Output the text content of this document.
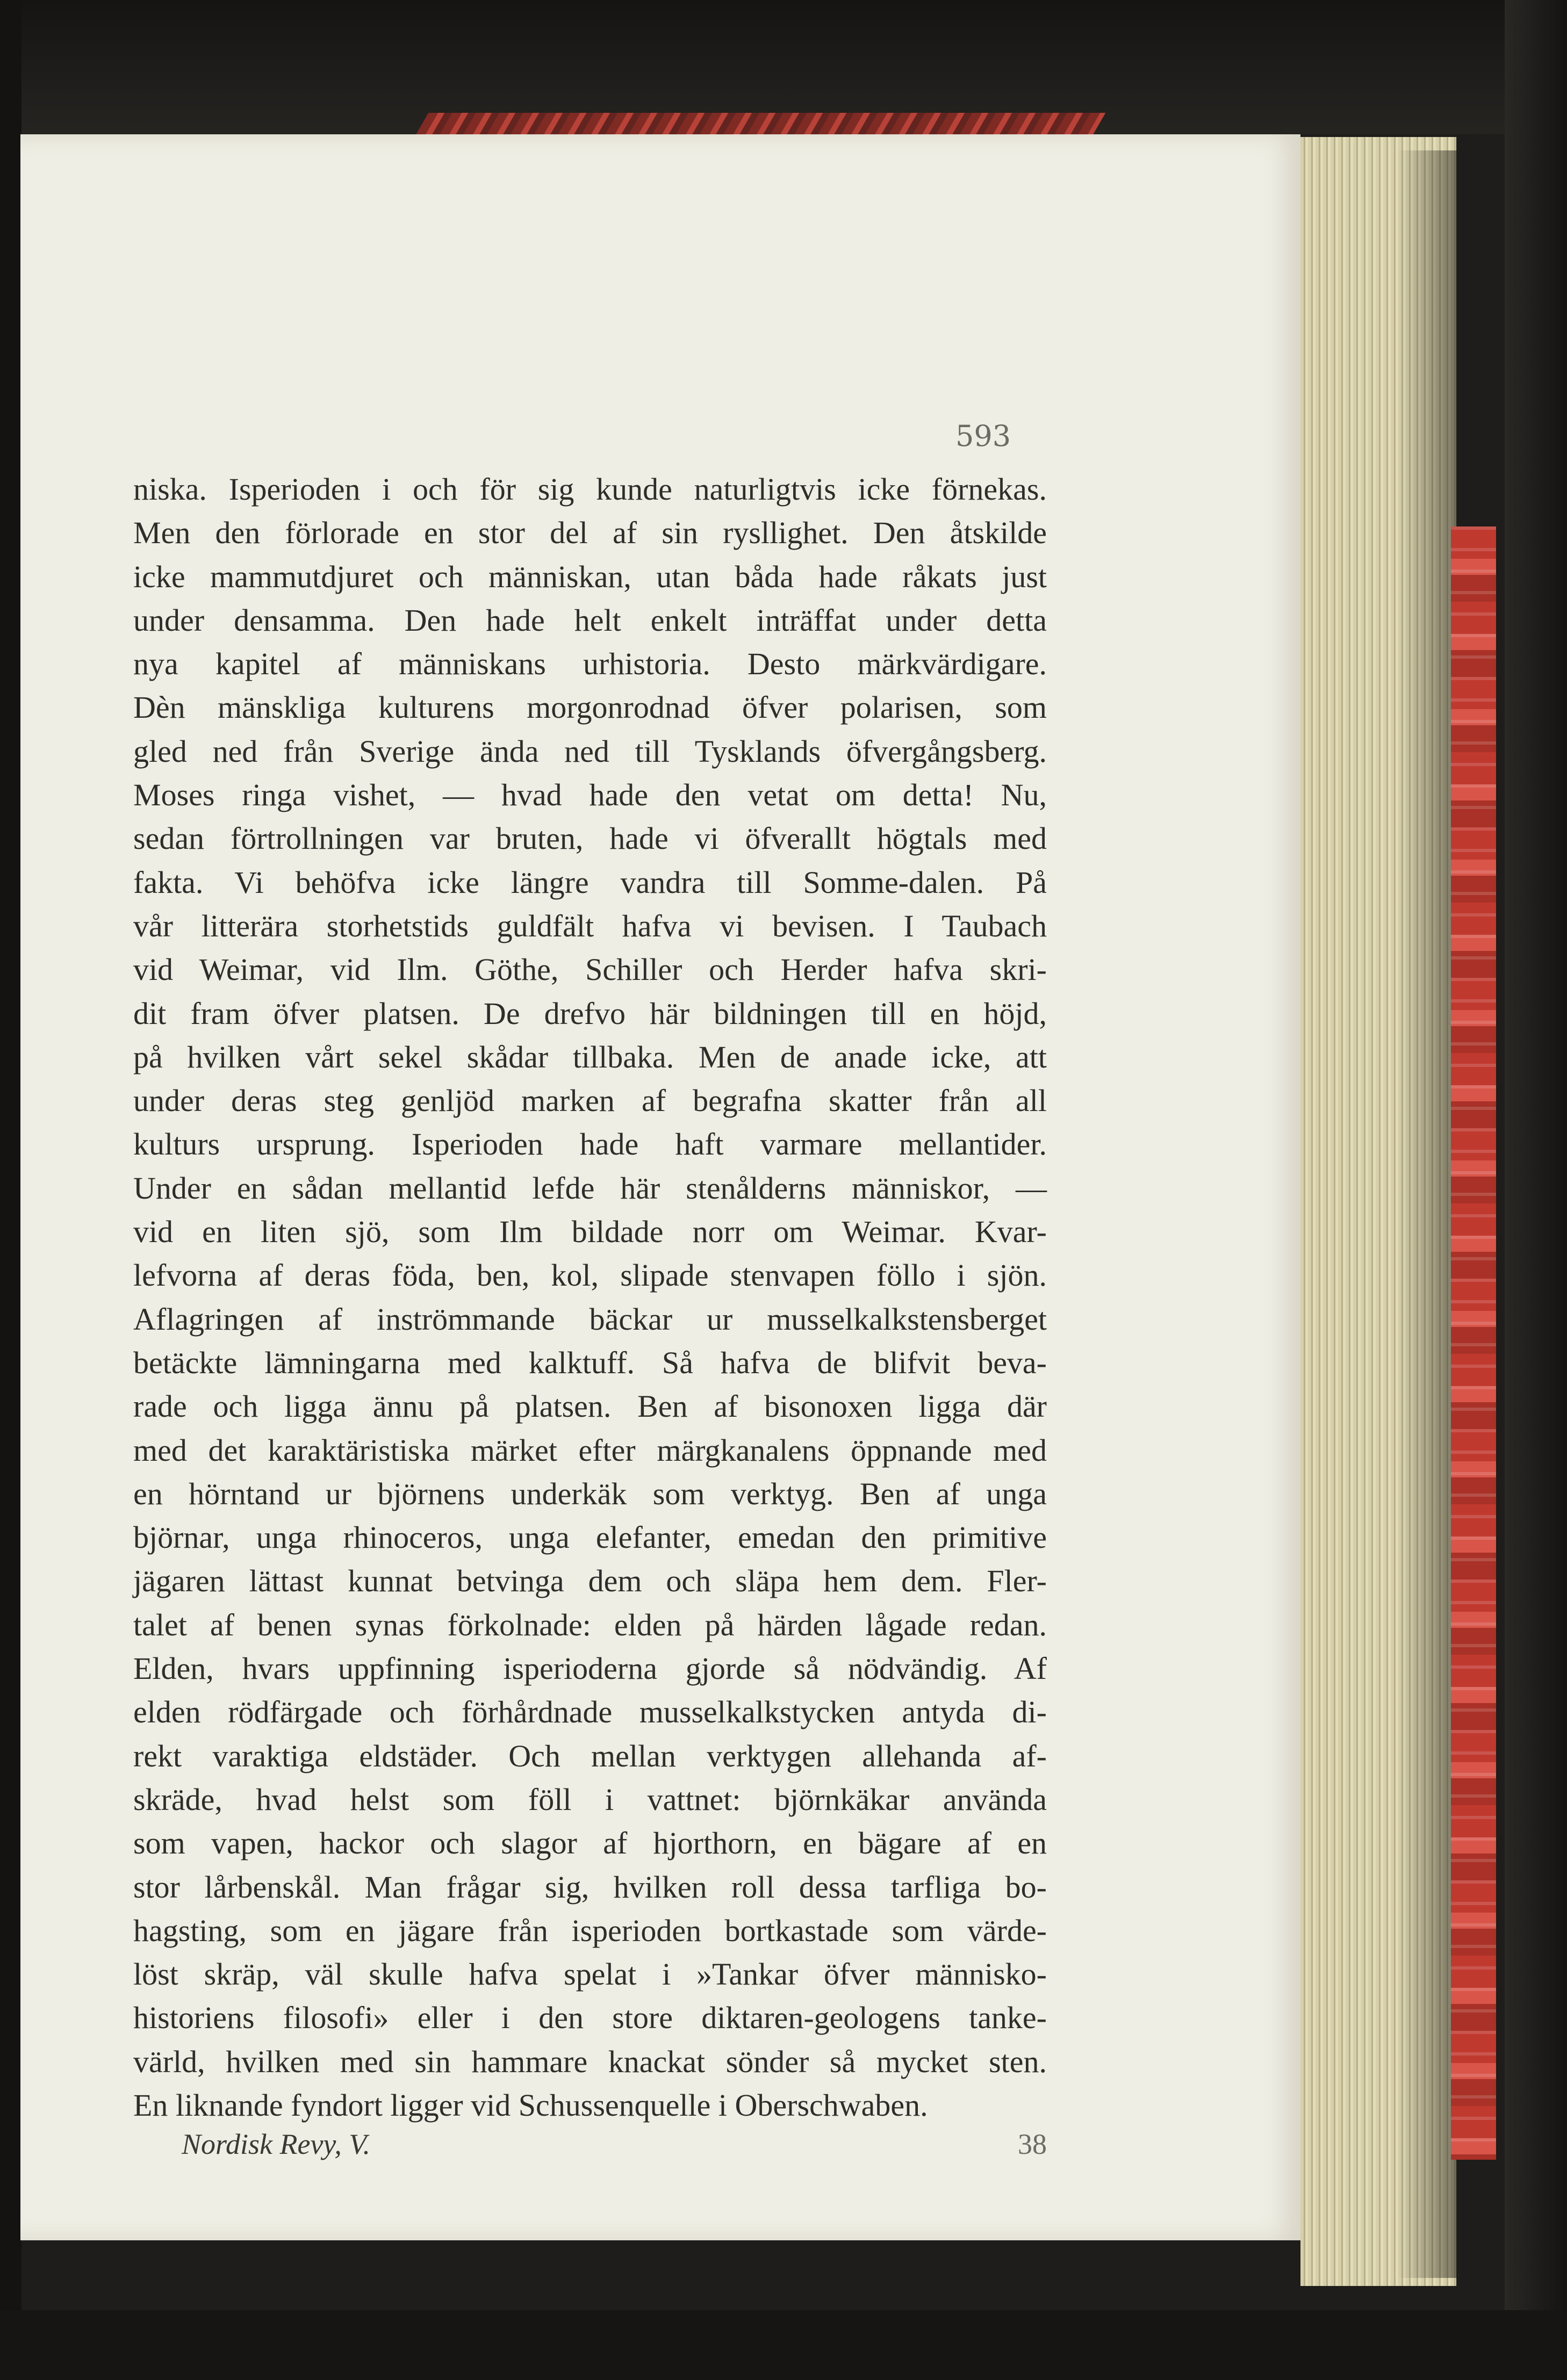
593

niska. Isperioden i och för sig kunde naturligtvis icke förnekas.
Men den förlorade en stor del af sin rysllighet. Den åtskilde
icke mammutdjuret och människan, utan båda hade råkats just
under densamma. Den hade helt enkelt inträffat under detta
nya kapitel af människans urhistoria. Desto märkvärdigare.
Dèn mänskliga kulturens morgonrodnad öfver polarisen, som
gled ned från Sverige ända ned till Tysklands öfvergångsberg.
Moses ringa vishet, — hvad hade den vetat om detta! Nu,
sedan förtrollningen var bruten, hade vi öfverallt högtals med
fakta. Vi behöfva icke längre vandra till Somme-dalen. På
vår litterära storhetstids guldfält hafva vi bevisen. I Taubach
vid Weimar, vid Ilm. Göthe, Schiller och Herder hafva skri-
dit fram öfver platsen. De drefvo här bildningen till en höjd,
på hvilken vårt sekel skådar tillbaka. Men de anade icke, att
under deras steg genljöd marken af begrafna skatter från all
kulturs ursprung. Isperioden hade haft varmare mellantider.
Under en sådan mellantid lefde här stenålderns människor, —
vid en liten sjö, som Ilm bildade norr om Weimar. Kvar-
lefvorna af deras föda, ben, kol, slipade stenvapen föllo i sjön.
Aflagringen af inströmmande bäckar ur musselkalkstensberget
betäckte lämningarna med kalktuff. Så hafva de blifvit beva-
rade och ligga ännu på platsen. Ben af bisonoxen ligga där
med det karaktäristiska märket efter märgkanalens öppnande med
en hörntand ur björnens underkäk som verktyg. Ben af unga
björnar, unga rhinoceros, unga elefanter, emedan den primitive
jägaren lättast kunnat betvinga dem och släpa hem dem. Fler-
talet af benen synas förkolnade: elden på härden lågade redan.
Elden, hvars uppfinning isperioderna gjorde så nödvändig. Af
elden rödfärgade och förhårdnade musselkalkstycken antyda di-
rekt varaktiga eldstäder. Och mellan verktygen allehanda af-
skräde, hvad helst som föll i vattnet: björnkäkar använda
som vapen, hackor och slagor af hjorthorn, en bägare af en
stor lårbenskål. Man frågar sig, hvilken roll dessa tarfliga bo-
hagsting, som en jägare från isperioden bortkastade som värde-
löst skräp, väl skulle hafva spelat i »Tankar öfver människo-
historiens filosofi» eller i den store diktaren-geologens tanke-
värld, hvilken med sin hammare knackat sönder så mycket sten.
En liknande fyndort ligger vid Schussenquelle i Oberschwaben.

Nordisk Revy, V.	38
